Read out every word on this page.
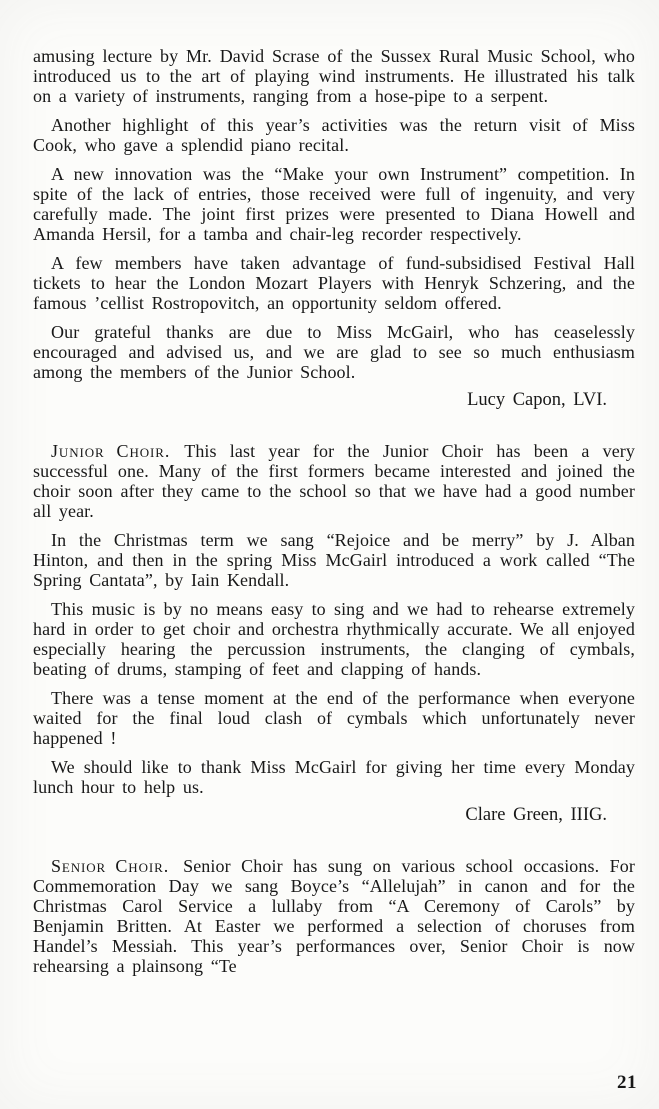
amusing lecture by Mr. David Scrase of the Sussex Rural Music School, who introduced us to the art of playing wind instruments. He illustrated his talk on a variety of instruments, ranging from a hose-pipe to a serpent.

Another highlight of this year’s activities was the return visit of Miss Cook, who gave a splendid piano recital.

A new innovation was the “Make your own Instrument” competition. In spite of the lack of entries, those received were full of ingenuity, and very carefully made. The joint first prizes were presented to Diana Howell and Amanda Hersil, for a tamba and chair-leg recorder respectively.

A few members have taken advantage of fund-subsidised Festival Hall tickets to hear the London Mozart Players with Henryk Schzering, and the famous ’cellist Rostropovitch, an opportunity seldom offered.

Our grateful thanks are due to Miss McGairl, who has ceaselessly encouraged and advised us, and we are glad to see so much enthusiasm among the members of the Junior School.

Lucy Capon, LVI.

Junior Choir. This last year for the Junior Choir has been a very successful one. Many of the first formers became interested and joined the choir soon after they came to the school so that we have had a good number all year.

In the Christmas term we sang “Rejoice and be merry” by J. Alban Hinton, and then in the spring Miss McGairl introduced a work called “The Spring Cantata”, by Iain Kendall.

This music is by no means easy to sing and we had to rehearse extremely hard in order to get choir and orchestra rhythmically accurate. We all enjoyed especially hearing the percussion instruments, the clanging of cymbals, beating of drums, stamping of feet and clapping of hands.

There was a tense moment at the end of the performance when everyone waited for the final loud clash of cymbals which unfortunately never happened !

We should like to thank Miss McGairl for giving her time every Monday lunch hour to help us.

Clare Green, IIIG.

Senior Choir. Senior Choir has sung on various school occasions. For Commemoration Day we sang Boyce’s “Allelujah” in canon and for the Christmas Carol Service a lullaby from “A Ceremony of Carols” by Benjamin Britten. At Easter we performed a selection of choruses from Handel’s Messiah. This year’s performances over, Senior Choir is now rehearsing a plainsong “Te

21
